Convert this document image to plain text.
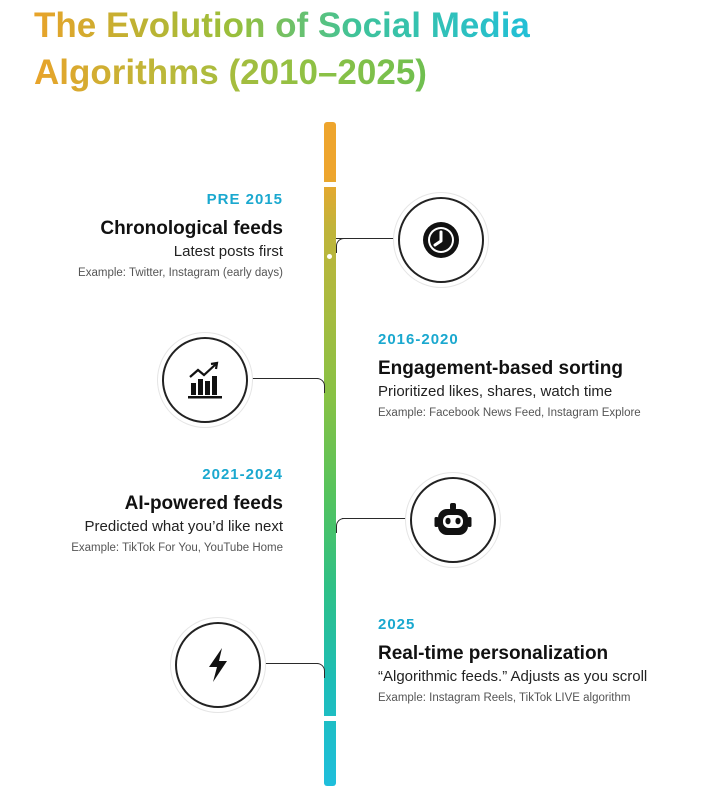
The Evolution of Social Media
Algorithms (2010–2025)

PRE 2015

Chronological feeds

Latest posts first

Example: Twitter, Instagram (early days)

2016-2020

Engagement-based sorting

Prioritized likes, shares, watch time

Example: Facebook News Feed, Instagram Explore

2021-2024

AI-powered feeds

Predicted what you’d like next

Example: TikTok For You, YouTube Home

2025

Real-time personalization

“Algorithmic feeds.” Adjusts as you scroll

Example: Instagram Reels, TikTok LIVE algorithm
